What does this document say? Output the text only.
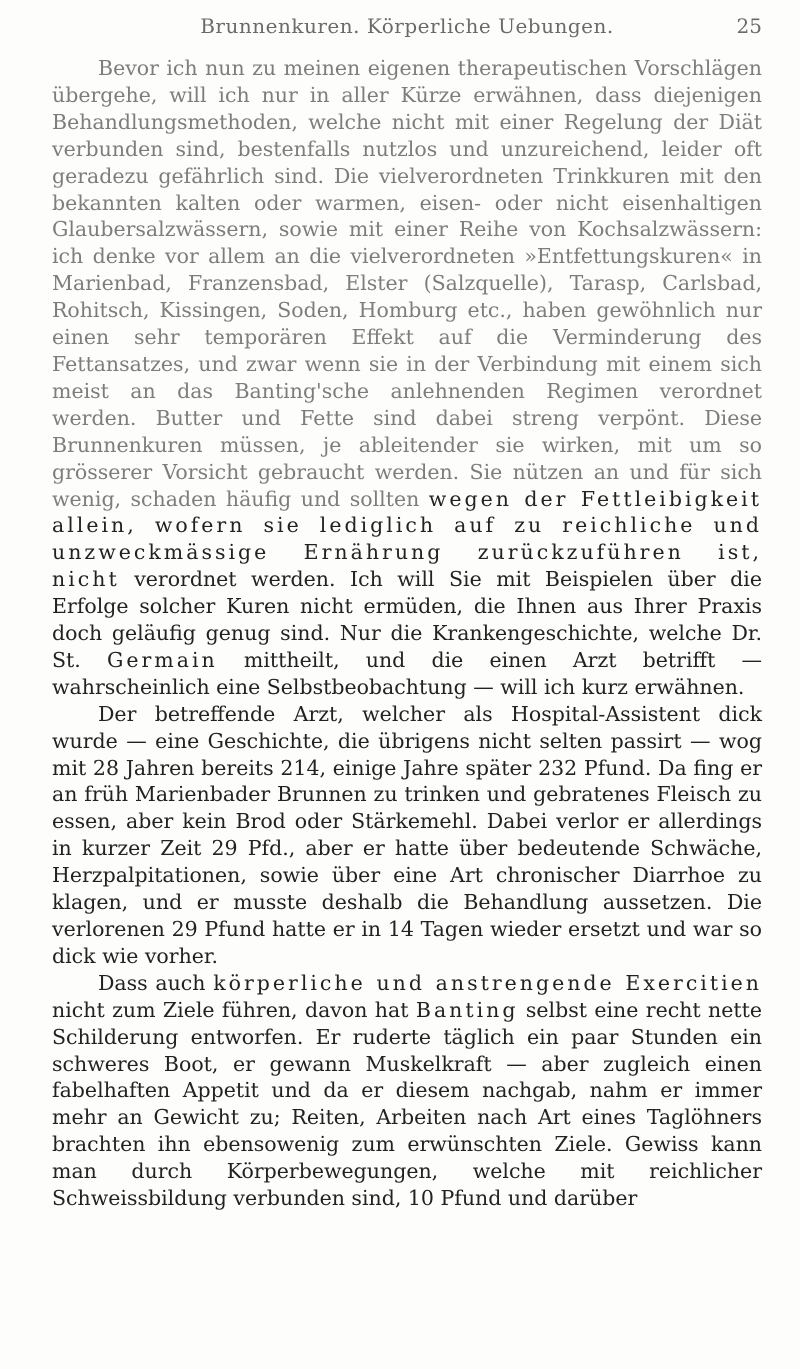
Brunnenkuren. Körperliche Uebungen.	25

Bevor ich nun zu meinen eigenen therapeutischen Vorschlägen übergehe, will ich nur in aller Kürze erwähnen, dass diejenigen Behandlungsmethoden, welche nicht mit einer Regelung der Diät verbunden sind, bestenfalls nutzlos und unzureichend, leider oft geradezu gefährlich sind. Die vielverordneten Trinkkuren mit den bekannten kalten oder warmen, eisen- oder nicht eisenhaltigen Glaubersalzwässern, sowie mit einer Reihe von Kochsalzwässern: ich denke vor allem an die vielverordneten »Entfettungskuren« in Marienbad, Franzensbad, Elster (Salzquelle), Tarasp, Carlsbad, Rohitsch, Kissingen, Soden, Homburg etc., haben gewöhnlich nur einen sehr temporären Effekt auf die Verminderung des Fettansatzes, und zwar wenn sie in der Verbindung mit einem sich meist an das Banting'sche anlehnenden Regimen verordnet werden. Butter und Fette sind dabei streng verpönt. Diese Brunnenkuren müssen, je ableitender sie wirken, mit um so grösserer Vorsicht gebraucht werden. Sie nützen an und für sich wenig, schaden häufig und sollten wegen der Fettleibigkeit allein, wofern sie lediglich auf zu reichliche und unzweckmässige Ernährung zurückzuführen ist, nicht verordnet werden. Ich will Sie mit Beispielen über die Erfolge solcher Kuren nicht ermüden, die Ihnen aus Ihrer Praxis doch geläufig genug sind. Nur die Krankengeschichte, welche Dr. St. Germain mittheilt, und die einen Arzt betrifft — wahrscheinlich eine Selbstbeobachtung — will ich kurz erwähnen.

Der betreffende Arzt, welcher als Hospital-Assistent dick wurde — eine Geschichte, die übrigens nicht selten passirt — wog mit 28 Jahren bereits 214, einige Jahre später 232 Pfund. Da fing er an früh Marienbader Brunnen zu trinken und gebratenes Fleisch zu essen, aber kein Brod oder Stärkemehl. Dabei verlor er allerdings in kurzer Zeit 29 Pfd., aber er hatte über bedeutende Schwäche, Herzpalpitationen, sowie über eine Art chronischer Diarrhoe zu klagen, und er musste deshalb die Behandlung aussetzen. Die verlorenen 29 Pfund hatte er in 14 Tagen wieder ersetzt und war so dick wie vorher.

Dass auch körperliche und anstrengende Exercitien nicht zum Ziele führen, davon hat Banting selbst eine recht nette Schilderung entworfen. Er ruderte täglich ein paar Stunden ein schweres Boot, er gewann Muskelkraft — aber zugleich einen fabelhaften Appetit und da er diesem nachgab, nahm er immer mehr an Gewicht zu; Reiten, Arbeiten nach Art eines Taglöhners brachten ihn ebensowenig zum erwünschten Ziele. Gewiss kann man durch Körperbewegungen, welche mit reichlicher Schweissbildung verbunden sind, 10 Pfund und darüber
